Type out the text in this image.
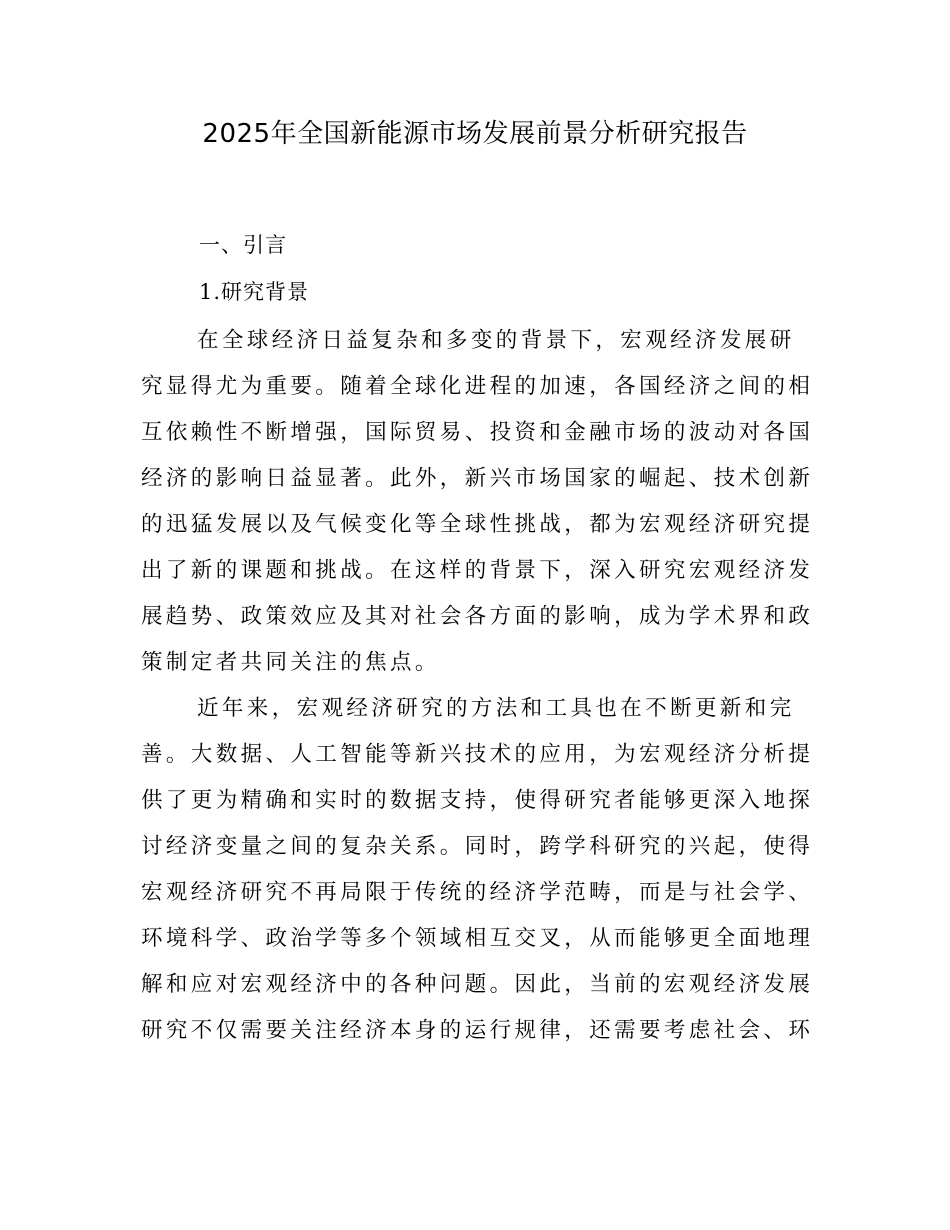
2025年全国新能源市场发展前景分析研究报告
一、引言
1.研究背景
在全球经济日益复杂和多变的背景下，宏观经济发展研
究显得尤为重要。随着全球化进程的加速，各国经济之间的相
互依赖性不断增强，国际贸易、投资和金融市场的波动对各国
经济的影响日益显著。此外，新兴市场国家的崛起、技术创新
的迅猛发展以及气候变化等全球性挑战，都为宏观经济研究提
出了新的课题和挑战。在这样的背景下，深入研究宏观经济发
展趋势、政策效应及其对社会各方面的影响，成为学术界和政
策制定者共同关注的焦点。
近年来，宏观经济研究的方法和工具也在不断更新和完
善。大数据、人工智能等新兴技术的应用，为宏观经济分析提
供了更为精确和实时的数据支持，使得研究者能够更深入地探
讨经济变量之间的复杂关系。同时，跨学科研究的兴起，使得
宏观经济研究不再局限于传统的经济学范畴，而是与社会学、
环境科学、政治学等多个领域相互交叉，从而能够更全面地理
解和应对宏观经济中的各种问题。因此，当前的宏观经济发展
研究不仅需要关注经济本身的运行规律，还需要考虑社会、环
